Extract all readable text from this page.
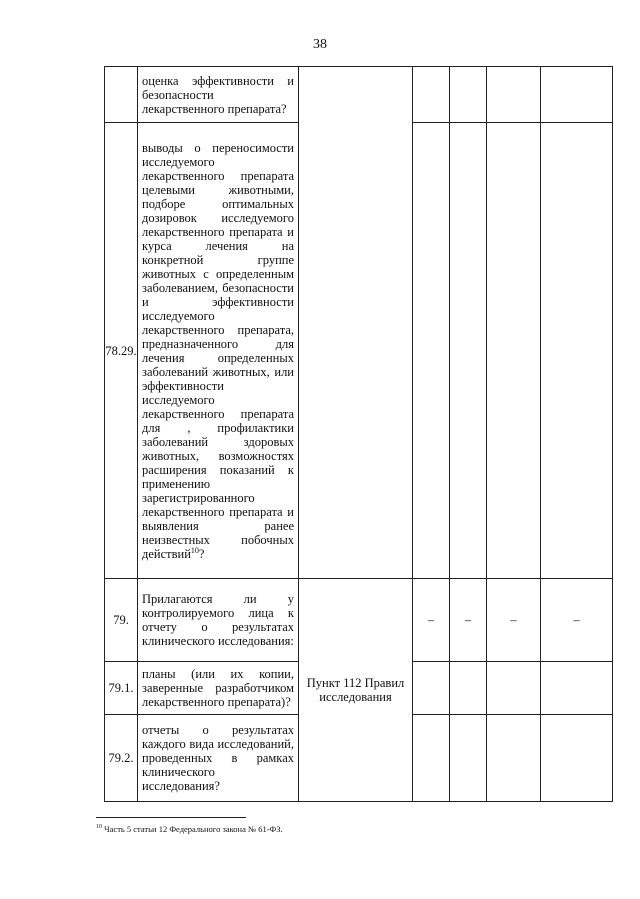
38
	оценка эффективности и безопасности лекарственного препарата?					
78.29.	выводы о переносимости исследуемого лекарственного препарата целевыми животными, подборе оптимальных дозировок исследуемого лекарственного препарата и курса лечения на конкретной группе животных с определенным заболеванием, безопасности и эффективности исследуемого лекарственного препарата, предназначенного для лечения определенных заболеваний животных, или эффективности исследуемого лекарственного препарата для , профилактики заболеваний здоровых животных, возможностях расширения показаний к применению зарегистрированного лекарственного препарата и выявления ранее неизвестных побочных действий$^{10}$?					
79.	Прилагаются ли у контролируемого лица к отчету о результатах клинического исследования:	Пункт 112 Правил исследования	–	–	–	–
79.1.	планы (или их копии, заверенные разработчиком лекарственного препарата)?					
79.2.	отчеты о результатах каждого вида исследований, проведенных в рамках клинического исследования?					
$^{10}$ Часть 5 статьи 12 Федерального закона № 61-ФЗ.
